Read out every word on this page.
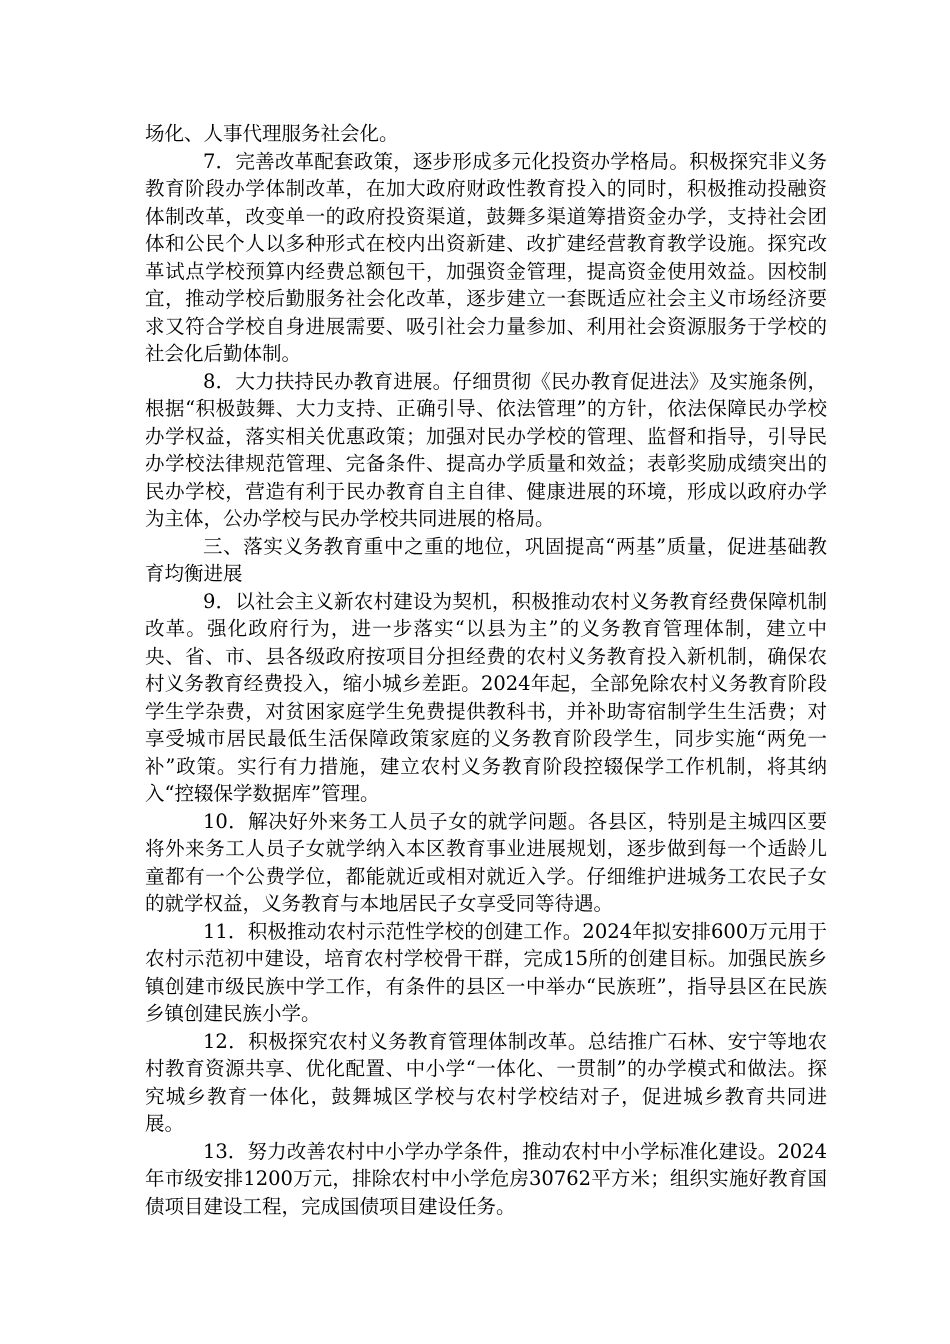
场化、人事代理服务社会化。

7．完善改革配套政策，逐步形成多元化投资办学格局。积极探究非义务教育阶段办学体制改革，在加大政府财政性教育投入的同时，积极推动投融资体制改革，改变单一的政府投资渠道，鼓舞多渠道筹措资金办学，支持社会团体和公民个人以多种形式在校内出资新建、改扩建经营教育教学设施。探究改革试点学校预算内经费总额包干，加强资金管理，提高资金使用效益。因校制宜，推动学校后勤服务社会化改革，逐步建立一套既适应社会主义市场经济要求又符合学校自身进展需要、吸引社会力量参加、利用社会资源服务于学校的社会化后勤体制。

8．大力扶持民办教育进展。仔细贯彻《民办教育促进法》及实施条例，根据“积极鼓舞、大力支持、正确引导、依法管理”的方针，依法保障民办学校办学权益，落实相关优惠政策；加强对民办学校的管理、监督和指导，引导民办学校法律规范管理、完备条件、提高办学质量和效益；表彰奖励成绩突出的民办学校，营造有利于民办教育自主自律、健康进展的环境，形成以政府办学为主体，公办学校与民办学校共同进展的格局。

三、落实义务教育重中之重的地位，巩固提高“两基”质量，促进基础教育均衡进展

9．以社会主义新农村建设为契机，积极推动农村义务教育经费保障机制改革。强化政府行为，进一步落实“以县为主”的义务教育管理体制，建立中央、省、市、县各级政府按项目分担经费的农村义务教育投入新机制，确保农村义务教育经费投入，缩小城乡差距。2024年起，全部免除农村义务教育阶段学生学杂费，对贫困家庭学生免费提供教科书，并补助寄宿制学生生活费；对享受城市居民最低生活保障政策家庭的义务教育阶段学生，同步实施“两免一补”政策。实行有力措施，建立农村义务教育阶段控辍保学工作机制，将其纳入“控辍保学数据库”管理。

10．解决好外来务工人员子女的就学问题。各县区，特别是主城四区要将外来务工人员子女就学纳入本区教育事业进展规划，逐步做到每一个适龄儿童都有一个公费学位，都能就近或相对就近入学。仔细维护进城务工农民子女的就学权益，义务教育与本地居民子女享受同等待遇。

11．积极推动农村示范性学校的创建工作。2024年拟安排600万元用于农村示范初中建设，培育农村学校骨干群，完成15所的创建目标。加强民族乡镇创建市级民族中学工作，有条件的县区一中举办“民族班”，指导县区在民族乡镇创建民族小学。

12．积极探究农村义务教育管理体制改革。总结推广石林、安宁等地农村教育资源共享、优化配置、中小学“一体化、一贯制”的办学模式和做法。探究城乡教育一体化，鼓舞城区学校与农村学校结对子，促进城乡教育共同进展。

13．努力改善农村中小学办学条件，推动农村中小学标准化建设。2024年市级安排1200万元，排除农村中小学危房30762平方米；组织实施好教育国债项目建设工程，完成国债项目建设任务。
